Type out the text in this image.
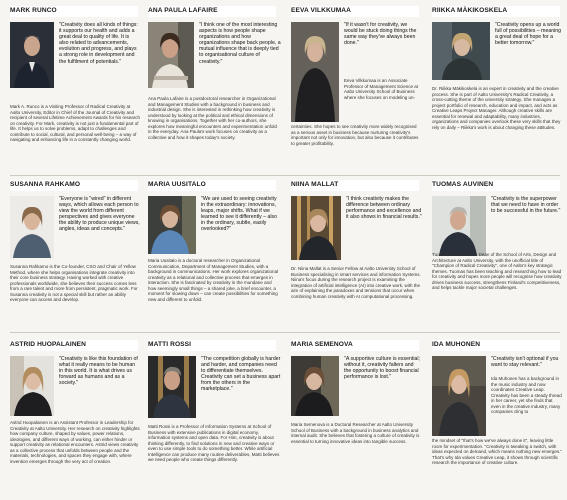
MARK RUNCO
"Creativity does all kinds of things: it supports our health and adds a great deal to quality of life. It is also related to advancements, evolution and progress, and plays a strong role in development and the fulfilment of potentials."
Mark A. Runco is a Visiting Professor of Radical Creativity at Aalto University, Editor in Chief of the Journal of Creativity and recipient of several Lifetime Achievement Awards for his research on creativity. For Mark, creativity is not just a fundamental part of life. It helps us to solve problems, adapt to challenges and contribute to social, cultural, and personal well-being – a way of navigating and enhancing life in a constantly changing world.
ANA PAULA LAFAIRE
"I think one of the most interesting aspects is how people shape organizations and how organizations shape back people, a mutual influence that is deeply tied to organisational culture of creativity."
Ana Paula Lafaire is a postdoctoral researcher in Organizational and Management Studies with a background in business and industrial design. She is interested in rethinking how creativity is understood by looking at the political and ethical dimensions of knowing in organisations. Together with her co-authors, she explores how meaningful encounters and experimentation unfold in the everyday. Ana Paula's work focuses on creativity as a collective and how it shapes today's society.
EEVA VILKKUMAA
"If it wasn't for creativity, we would be stuck doing things the same way they've always been done."
Eeva Vilkkumaa is an Associate Professor of Management Science at Aalto University School of Business where she focuses on modeling un-
certainties. She hopes to see creativity more widely recognised as a serious asset in business because nurturing creativity's important not only for innovation, but also because it contributes to greater profitability.
RIIKKA MÄKIKOSKELA
"Creativity opens up a world full of possibilities – meaning a great deal of hope for a better tomorrow."
Dr. Riikka Mäkikoskela is an expert in creativity and the creative process. She is part of Aalto University's Radical Creativity, a cross-cutting theme of the university strategy. She manages a project portfolio of research, education and impact, and acts as Creative Leaps Project Manager. Although creative skills are essential for renewal and adaptability, many industries, organizations and companies overlook these very skills that they rely on daily – Riikka's work is about changing these attitudes.
SUSANNA RAHKAMO
"Everyone is "wired" in different ways, which allows each person to view the world from different perspectives and gives everyone the ability to produce unique views, angles, ideas and concepts."
Susanna Rahkamo is the Co-founder, CSO and Chair of Yellow Method, where she helps organisations integrate creativity into their core business strategy. Having worked with creative professionals worldwide, she believes their success comes less from a rare talent and more from persistent, pragmatic work. For Susanna creativity is not a special skill but rather an ability everyone can access and develop.
MARIA UUSITALO
"We are used to seeing creativity in the extraordinary: innovations, leaps, major shifts. What if we learned to see it differently – also in the ordinary, subtle, easily overlooked?"
Maria Uusitalo is a doctoral researcher in Organizational Communication, Department of Management Studies, with a background in communications. Her work explores organizational creativity as a relational and collective process that emerges in interaction. She is fascinated by creativity in the mundane and how seemingly small things – a shared joke, a brief encounter, a moment for slowing down – can create possibilities for something new and different to unfold.
NIINA MALLAT
"I think creativity makes the difference between ordinary performance and excellence and it also shows in financial results."
Dr. Niina Mallat is a Senior Fellow at Aalto University School of Business specialising in smart services and information Systems. Niina's focus during the research project is examining the integration of artificial intelligence (AI) into creative work, with the aim of explaining the paradoxes and tensions that occur when combining human creativity with AI computational processing.
TUOMAS AUVINEN
"Creativity is the superpower that we need to have in order to be successful in the future."
Tuomas Auvinen is the Dean of the School of Arts, Design and Architecture at Aalto University, with the unofficial title of "Champion of Radical Creativity", one of Aalto's key strategic themes. Tuomas has been teaching and researching how to lead for creativity and hopes more people will recognise how creativity drives business success, strengthens Finland's competitiveness, and helps tackle major societal challenges.
ASTRID HUOPALAINEN
"Creativity is like this foundation of what it really means to be human in this world. It is what drives us forward as humans and as a society."
Astrid Huopalainen is an Assistant Professor in Leadership for Creativity at Aalto University. Her research on creativity highlights how company culture, shaped by values, power relations, ideologies, and different ways of working, can either hinder or support creativity as relational encounters. Astrid views creativity as a collective process that unfolds between people and the materials, technologies, and spaces they engage with, where invention emerges through the very act of creation.
MATTI ROSSI
"The competition globally is harder and harder, and companies need to differentiate themselves. Creativity can set a business apart from the others in the marketplace."
Matti Rossi is a Professor of Information Systems at School of Business with extensive publications in digital economy, information systems and open data. For Him, creativity is about thinking differently, to find solutions in new and creative ways or even to use simple tools to do something better. While artificial Intelligence can produce many routine deliverables, Matti believes we need people who create things differently.
MARIA SEMENOVA
"A supportive culture is essential; without it, creativity falters and the opportunity to boost financial performance is lost."
Maria Semenova is a Doctoral Researcher at Aalto University School of Business with a background in business analytics and internal audit. She believes that fostering a culture of creativity is essential to turning innovative ideas into tangible success.
IDA MUHONEN
"Creativity isn't optional if you want to stay relevant."
Ida Muhonen has a background in the music industry and now coordinates Creative Leap. Creativity has been a steady thread in her career, yet she finds that even in the creative industry, many companies cling to
the mindset of "that's how we've always done it", leaving little room for experimentation. "Creativity is tweaking a switch, with ideas expected on demand, which means nothing new emerges." That's why Ida values Creative Leap, it shows through scientific research the importance of creative culture.
